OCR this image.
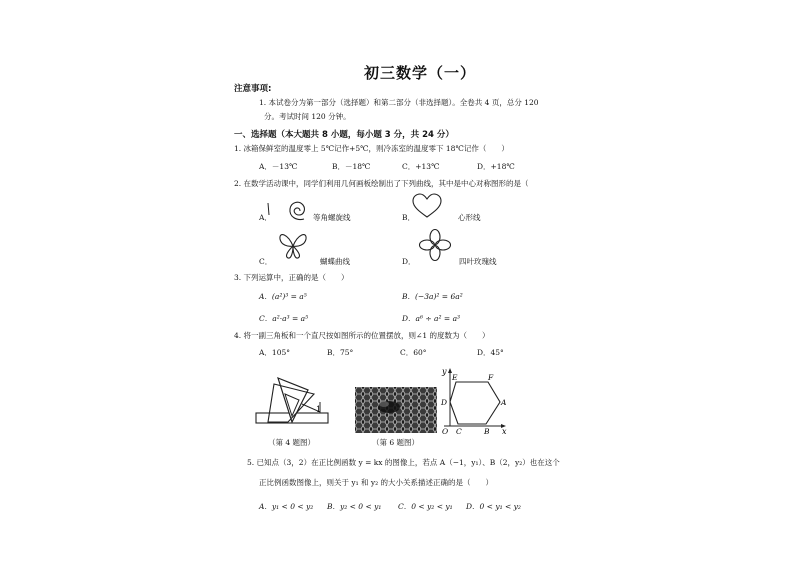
初三数学（一）
注意事项:
1. 本试卷分为第一部分（选择题）和第二部分（非选择题）。全卷共 4 页，总分 120
分。考试时间 120 分钟。
一、选择题（本大题共 8 小题，每小题 3 分，共 24 分）
1. 冰箱保鲜室的温度零上 5℃记作+5℃，则冷冻室的温度零下 18℃记作（　　）
A．－13℃	B．－18℃	C．+13℃	D．+18℃
2. 在数学活动课中，同学们利用几何画板绘制出了下列曲线，其中是中心对称图形的是（
A．	等角螺旋线	B．	心形线
C．	蝴蝶曲线	D．	四叶玫瑰线
3. 下列运算中，正确的是（　　）
A．(a²)³ = a⁵	B．(−3a)² = 6a²
C．a²·a³ = a⁵	D．a⁶ ÷ a² = a³
4. 将一副三角板和一个直尺按如图所示的位置摆放，则∠1 的度数为（　　）
A．105°	B．75°	C．60°	D．45°
1
（第 4 题图）	（第 6 题图）
y
x
E	F
D	A
O C	B
5. 已知点（3，2）在正比例函数 y = kx 的图像上，若点 A（−1，y₁）、B（2，y₂）也在这个
正比例函数图像上，则关于 y₁ 和 y₂ 的大小关系描述正确的是（　　）
A．y₁ < 0 < y₂ B．y₂ < 0 < y₁ C．0 < y₂ < y₁ D．0 < y₁ < y₂
